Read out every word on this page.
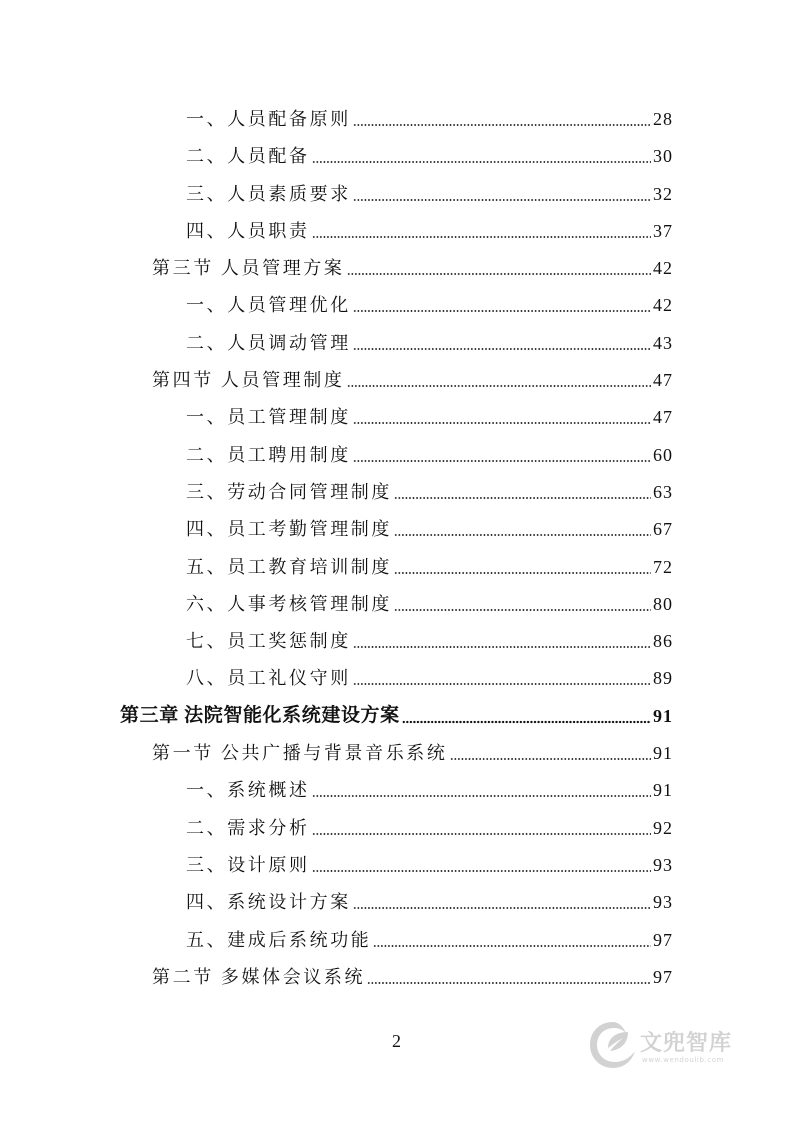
一、人员配备原则	28
二、人员配备	30
三、人员素质要求	32
四、人员职责	37
第三节 人员管理方案	42
一、人员管理优化	42
二、人员调动管理	43
第四节 人员管理制度	47
一、员工管理制度	47
二、员工聘用制度	60
三、劳动合同管理制度	63
四、员工考勤管理制度	67
五、员工教育培训制度	72
六、人事考核管理制度	80
七、员工奖惩制度	86
八、员工礼仪守则	89
第三章 法院智能化系统建设方案	91
第一节 公共广播与背景音乐系统	91
一、系统概述	91
二、需求分析	92
三、设计原则	93
四、系统设计方案	93
五、建成后系统功能	97
第二节 多媒体会议系统	97
2	文兜智库
www.wendoulib.com
